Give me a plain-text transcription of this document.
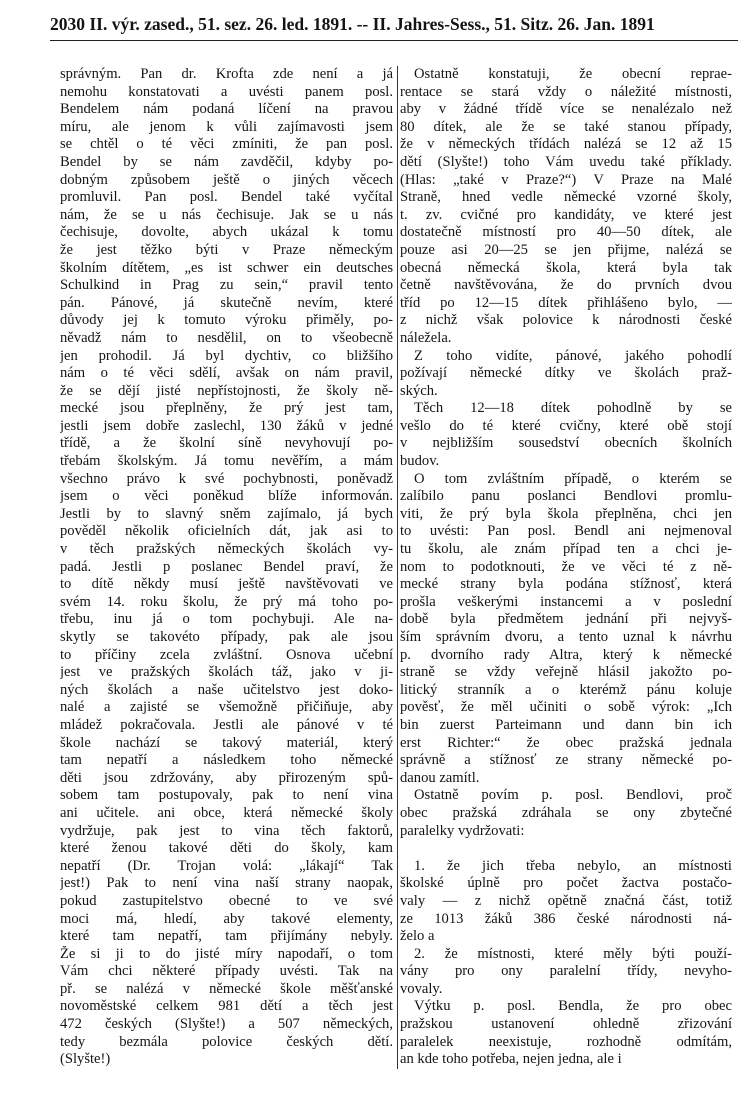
2030 II. výr. zased., 51. sez. 26. led. 1891. -- II. Jahres-Sess., 51. Sitz. 26. Jan. 1891
správným. Pan dr. Krofta zde není a já
nemohu konstatovati a uvésti panem posl.
Bendelem nám podaná líčení na pravou
míru, ale jenom k vůli zajímavosti jsem
se chtěl o té věci zmíniti, že pan posl.
Bendel by se nám zavděčil, kdyby po-
dobným způsobem ještě o jiných věcech
promluvil. Pan posl. Bendel také vyčítal
nám, že se u nás čechisuje. Jak se u nás
čechisuje, dovolte, abych ukázal k tomu
že jest těžko býti v Praze německým
školním dítětem, „es ist schwer ein deutsches
Schulkind in Prag zu sein,“ pravil tento
pán. Pánové, já skutečně nevím, které
důvody jej k tomuto výroku přiměly, po-
něvadž nám to nesdělil, on to všeobecně
jen prohodil. Já byl dychtiv, co bližšího
nám o té věci sdělí, avšak on nám pravil,
že se dějí jisté nepřístojnosti, že školy ně-
mecké jsou přeplněny, že prý jest tam,
jestli jsem dobře zaslechl, 130 žáků v jedné
třídě, a že školní síně nevyhovují po-
třebám školským. Já tomu nevěřím, a mám
všechno právo k své pochybnosti, poněvadž
jsem o věci poněkud blíže informován.
Jestli by to slavný sněm zajímalo, já bych
pověděl několik oficielních dát, jak asi to
v těch pražských německých školách vy-
padá. Jestli p poslanec Bendel praví, že
to dítě někdy musí ještě navštěvovati ve
svém 14. roku školu, že prý má toho po-
třebu, inu já o tom pochybuji. Ale na-
skytly se takovéto případy, pak ale jsou
to příčiny zcela zvláštní. Osnova učební
jest ve pražských školách táž, jako v ji-
ných školách a naše učitelstvo jest doko-
nalé a zajisté se všemožně přičiňuje, aby
mládež pokračovala. Jestli ale pánové v té
škole nachází se takový materiál, který
tam nepatří a následkem toho německé
děti jsou zdržovány, aby přirozeným spů-
sobem tam postupovaly, pak to není vina
ani učitele. ani obce, která německé školy
vydržuje, pak jest to vina těch faktorů,
které ženou takové děti do školy, kam
nepatří (Dr. Trojan volá: „lákají“ Tak
jest!) Pak to není vina naší strany naopak,
pokud zastupitelstvo obecné to ve své
moci má, hledí, aby takové elementy,
které tam nepatří, tam přijímány nebyly.
Že si ji to do jisté míry napodaří, o tom
Vám chci některé případy uvésti. Tak na
př. se nalézá v německé škole měšťanské
novoměstské celkem 981 dětí a těch jest
472 českých (Slyšte!) a 507 německých,
tedy bezmála polovice českých dětí.
(Slyšte!)
Ostatně konstatuji, že obecní repraе-
rentace se stará vždy o náležité místnosti,
aby v žádné třídě více se nenalézalo než
80 dítek, ale že se také stanou případy,
že v německých třídách nalézá se 12 až 15
dětí (Slyšte!) toho Vám uvedu také příklady.
(Hlas: „také v Praze?“) V Praze na Malé
Straně, hned vedle německé vzorné školy,
t. zv. cvičné pro kandidáty, ve které jest
dostatečně místností pro 40—50 dítek, ale
pouze asi 20—25 se jen přijme, nalézá se
obecná německá škola, která byla tak
četně navštěvována, že do prvních dvou
tříd po 12—15 dítek přihlášeno bylo, —
z nichž však polovice k národnosti české
náležela.
Z toho vidíte, pánové, jakého pohodlí
požívají německé dítky ve školách praž-
ských.
Těch 12—18 dítek pohodlně by se
vešlo do té které cvičny, které obě stojí
v nejbližším sousedství obecních školních
budov.
O tom zvláštním případě, o kterém se
zalíbilo panu poslanci Bendlovi promlu-
viti, že prý byla škola přeplněna, chci jen
to uvésti: Pan posl. Bendl ani nejmenoval
tu školu, ale znám případ ten a chci je-
nom to podotknouti, že ve věci té z ně-
mecké strany byla podána stížnosť, která
prošla veškerými instancemi a v poslední
době byla předmětem jednání při nejvyš-
ším správním dvoru, a tento uznal k návrhu
p. dvorního rady Altra, který k německé
straně se vždy veřejně hlásil jakožto po-
litický stranník a o kterémž pánu koluje
pověsť, že měl učiniti o sobě výrok: „Ich
bin zuerst Parteimann und dann bin ich
erst Richter:“ že obec pražská jednala
správně a stížnosť ze strany německé po-
danou zamítl.
Ostatně povím p. posl. Bendlovi, proč
obec pražská zdráhala se ony zbytečné
paralelky vydržovati:
1. že jich třeba nebylo, an místnosti
školské úplně pro počet žactva postačo-
valy — z nichž opětně značná část, totiž
ze 1013 žáků 386 české národnosti ná-
želo a
2. že místnosti, které měly býti použí-
vány pro ony paralelní třídy, nevyho-
vovaly.
Výtku p. posl. Bendla, že pro obec
pražskou ustanovení ohledně zřizování
paralelek neexistuje, rozhodně odmítám,
an kde toho potřeba, nejen jedna, ale i
